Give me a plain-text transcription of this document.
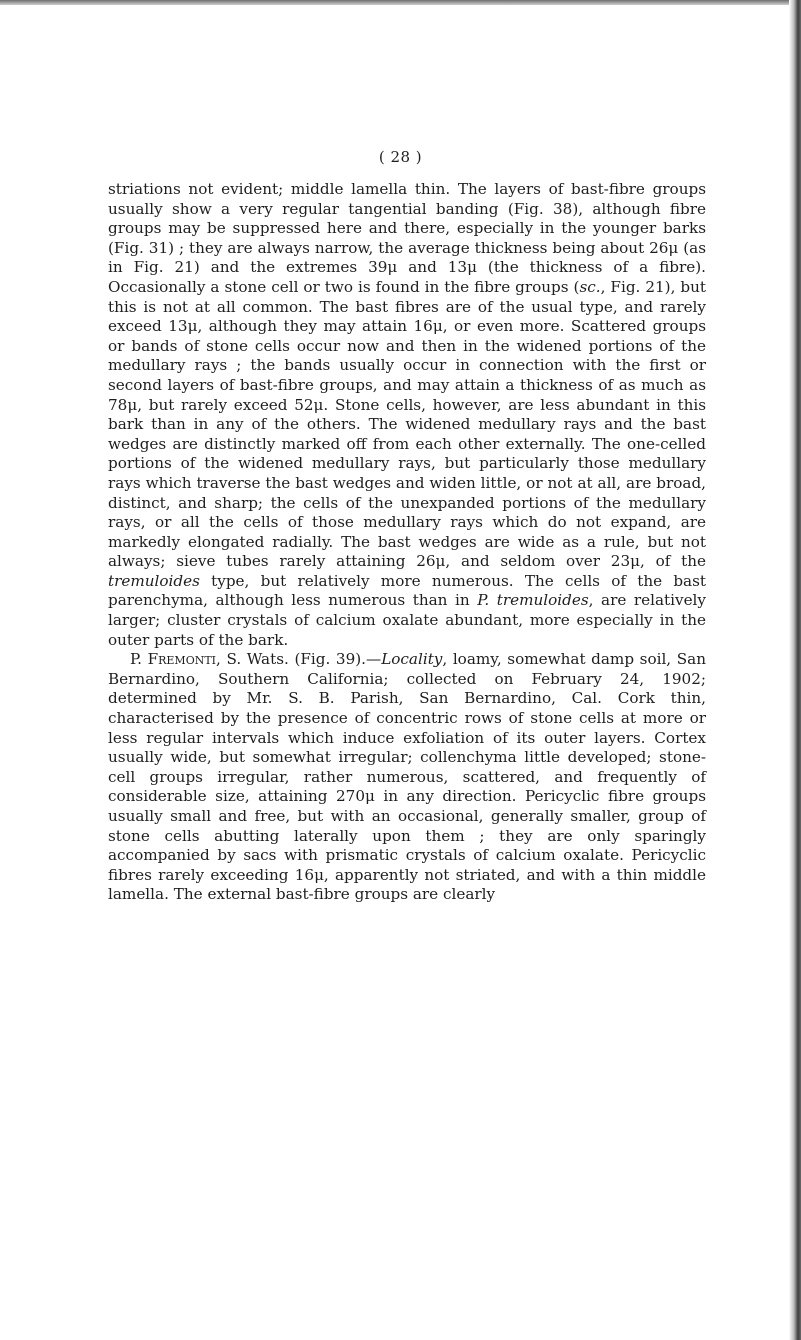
( 28 )

striations not evident; middle lamella thin. The layers of bast-fibre groups usually show a very regular tangential banding (Fig. 38), although fibre groups may be suppressed here and there, especially in the younger barks (Fig. 31) ; they are always narrow, the average thickness being about 26μ (as in Fig. 21) and the extremes 39μ and 13μ (the thickness of a fibre). Occasionally a stone cell or two is found in the fibre groups (sc., Fig. 21), but this is not at all common. The bast fibres are of the usual type, and rarely exceed 13μ, although they may attain 16μ, or even more. Scattered groups or bands of stone cells occur now and then in the widened portions of the medullary rays ; the bands usually occur in connection with the first or second layers of bast-fibre groups, and may attain a thickness of as much as 78μ, but rarely exceed 52μ. Stone cells, however, are less abundant in this bark than in any of the others. The widened medullary rays and the bast wedges are distinctly marked off from each other externally. The one-celled portions of the widened medullary rays, but particularly those medullary rays which traverse the bast wedges and widen little, or not at all, are broad, distinct, and sharp; the cells of the unexpanded portions of the medullary rays, or all the cells of those medullary rays which do not expand, are markedly elongated radially. The bast wedges are wide as a rule, but not always; sieve tubes rarely attaining 26μ, and seldom over 23μ, of the tremuloides type, but relatively more numerous. The cells of the bast parenchyma, although less numerous than in P. tremuloides, are relatively larger; cluster crystals of calcium oxalate abundant, more especially in the outer parts of the bark.

P. Fremonti, S. Wats. (Fig. 39).—Locality, loamy, somewhat damp soil, San Bernardino, Southern California; collected on February 24, 1902; determined by Mr. S. B. Parish, San Bernardino, Cal. Cork thin, characterised by the presence of concentric rows of stone cells at more or less regular intervals which induce exfoliation of its outer layers. Cortex usually wide, but somewhat irregular; collenchyma little developed; stone-cell groups irregular, rather numerous, scattered, and frequently of considerable size, attaining 270μ in any direction. Pericyclic fibre groups usually small and free, but with an occasional, generally smaller, group of stone cells abutting laterally upon them ; they are only sparingly accompanied by sacs with prismatic crystals of calcium oxalate. Pericyclic fibres rarely exceeding 16μ, apparently not striated, and with a thin middle lamella. The external bast-fibre groups are clearly
